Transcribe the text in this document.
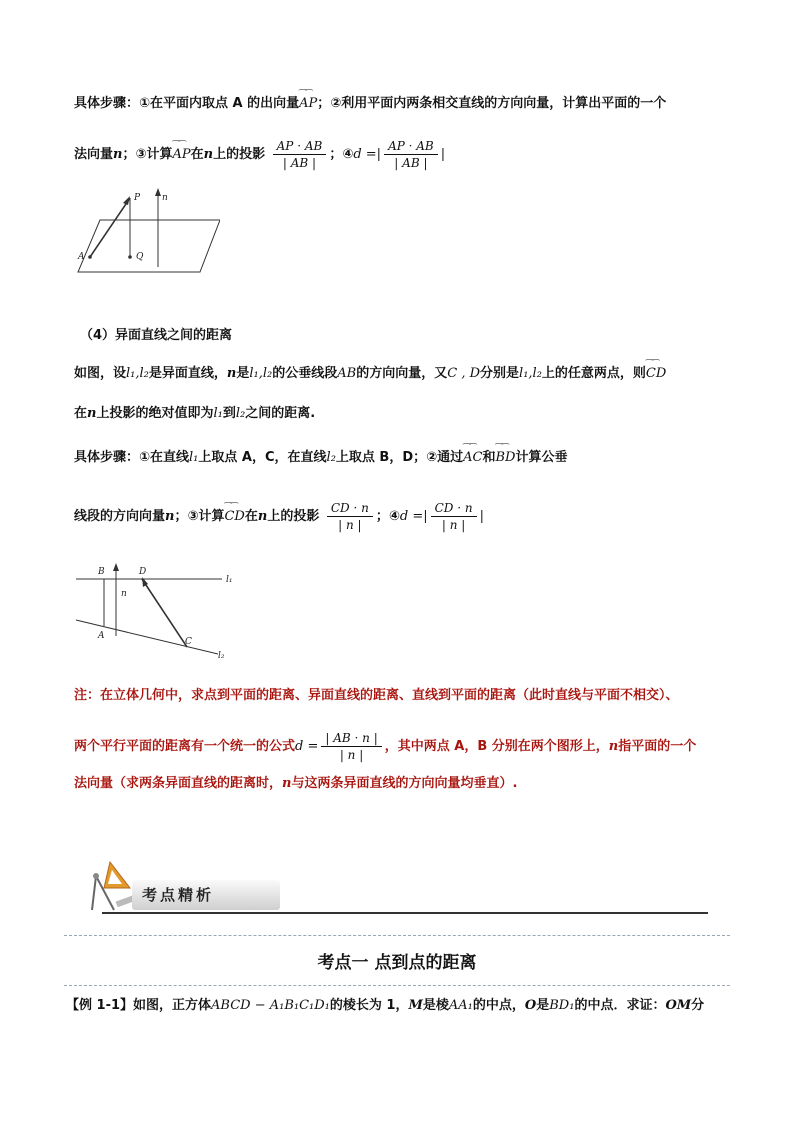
具体步骤：①在平面内取点 A 的出向量⁀⁀ AP；②利用平面内两条相交直线的方向向量，计算出平面的一个
法向量n；③计算⁀⁀ AP在n上的投影 $\frac{AP \cdot AB}{| AB |}$ ；④d =| $\frac{AP \cdot AB}{| AB |}$ |
P n
A	Q
（4）异面直线之间的距离
如图，设l₁,l₂是异面直线，n是l₁,l₂的公垂线段AB的方向向量，又C , D分别是l₁,l₂上的任意两点，则⁀⁀ CD
在n上投影的绝对值即为l₁到l₂之间的距离.
具体步骤：①在直线l₁上取点 A，C，在直线l₂上取点 B，D；②通过⁀⁀ AC和⁀⁀ BD计算公垂
线段的方向向量n；③计算⁀⁀ CD在n上的投影 $\frac{CD \cdot n}{| n |}$ ；④d =| $\frac{CD \cdot n}{| n |}$ |
B	D
l₁
n
A
C
l₂
注：在立体几何中，求点到平面的距离、异面直线的距离、直线到平面的距离（此时直线与平面不相交）、
两个平行平面的距离有一个统一的公式$d = \frac{| AB \cdot n |}{| n |}$ ，其中两点 A，B 分别在两个图形上，n指平面的一个
法向量（求两条异面直线的距离时，n与这两条异面直线的方向向量均垂直）.
考点精析
考点一 点到点的距离
【例 1-1】如图，正方体ABCD − A₁B₁C₁D₁的棱长为 1，M是棱AA₁的中点，O是BD₁的中点．求证：OM分
